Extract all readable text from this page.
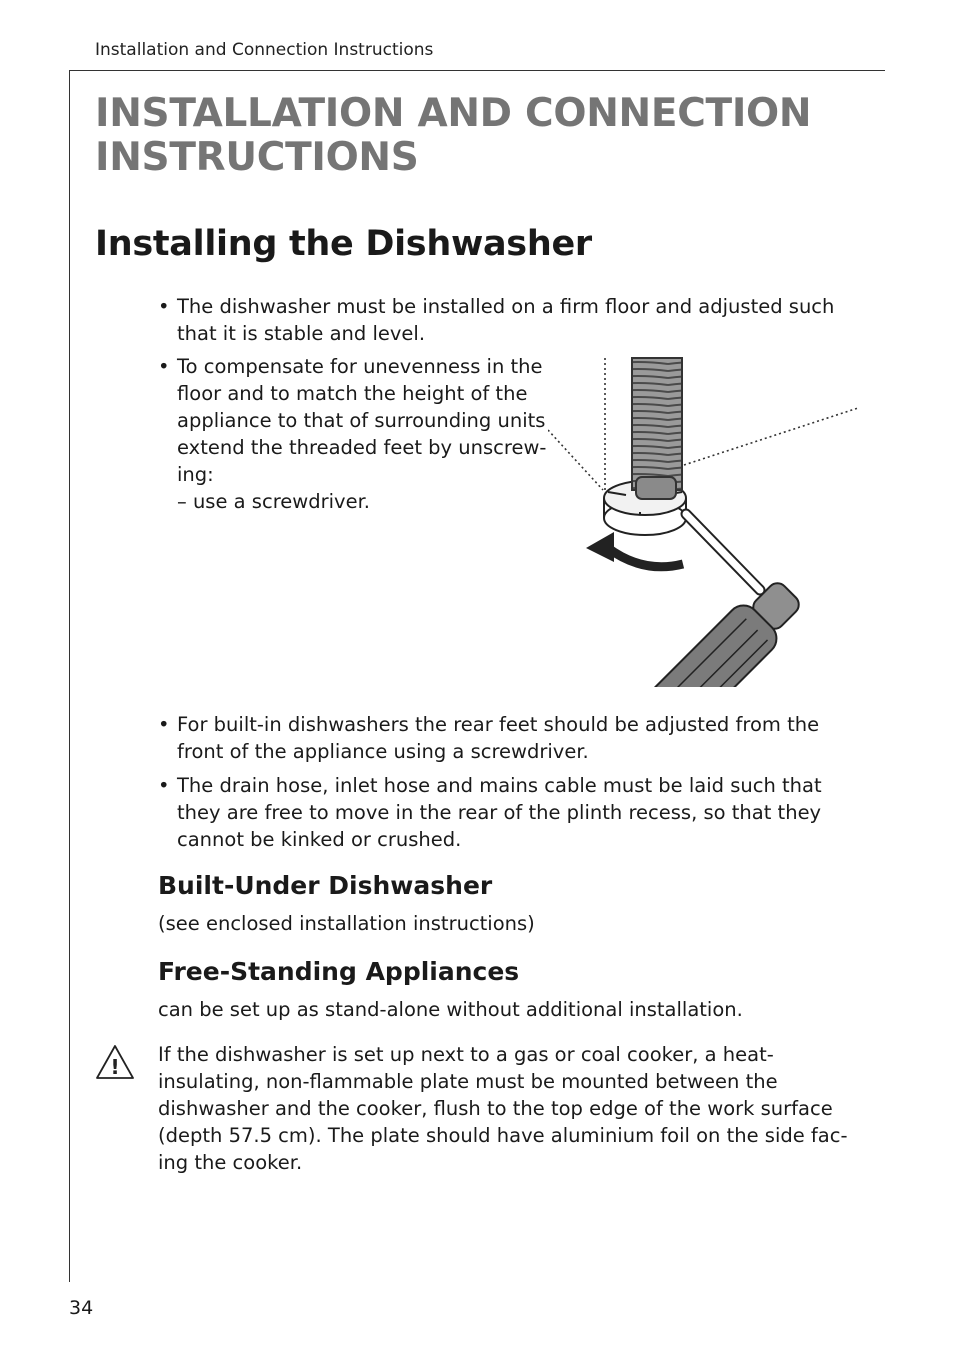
Installation and Connection Instructions
INSTALLATION AND CONNECTION
INSTRUCTIONS
Installing the Dishwasher
• The dishwasher must be installed on a firm floor and adjusted such
that it is stable and level.
• To compensate for unevenness in the
floor and to match the height of the
appliance to that of surrounding units
extend the threaded feet by unscrew-
ing:
– use a screwdriver.
• For built-in dishwashers the rear feet should be adjusted from the
front of the appliance using a screwdriver.
• The drain hose, inlet hose and mains cable must be laid such that
they are free to move in the rear of the plinth recess, so that they
cannot be kinked or crushed.
Built-Under Dishwasher
(see enclosed installation instructions)
Free-Standing Appliances
can be set up as stand-alone without additional installation.
!
If the dishwasher is set up next to a gas or coal cooker, a heat-
insulating, non-flammable plate must be mounted between the
dishwasher and the cooker, flush to the top edge of the work surface
(depth 57.5 cm). The plate should have aluminium foil on the side fac-
ing the cooker.
34
